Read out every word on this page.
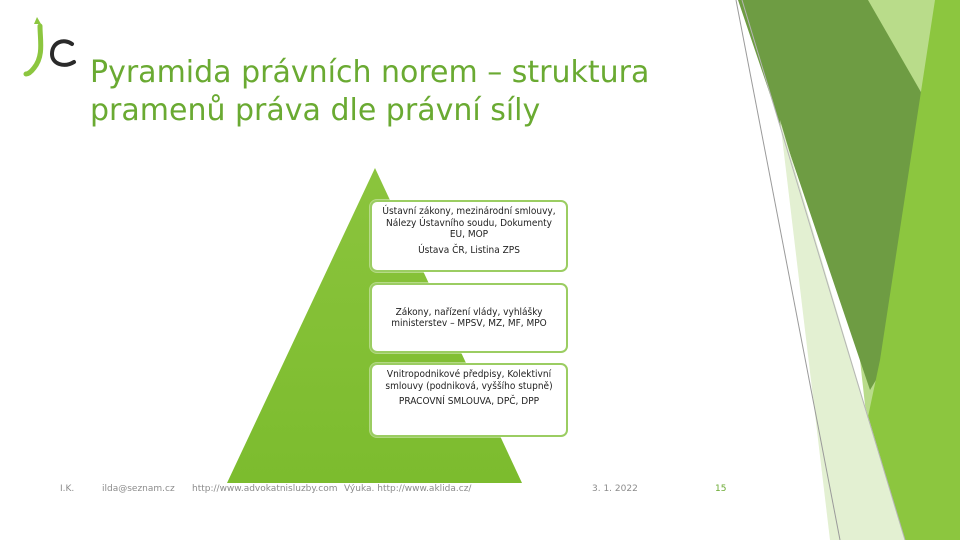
Pyramida právních norem – struktura
pramenů práva dle právní síly

Ústavní zákony, mezinárodní smlouvy, Nálezy Ústavního soudu, Dokumenty EU, MOP

Ústava ČR, Listina ZPS

Zákony, nařízení vlády, vyhlášky ministerstev – MPSV, MZ, MF, MPO

Vnitropodnikové předpisy, Kolektivní smlouvy (podniková, vyššího stupně)

PRACOVNÍ SMLOUVA, DPČ, DPP

I.K.	ilda@seznam.cz http://www.advokatnisluzby.com Výuka. http://www.aklida.cz/	3. 1. 2022	15
